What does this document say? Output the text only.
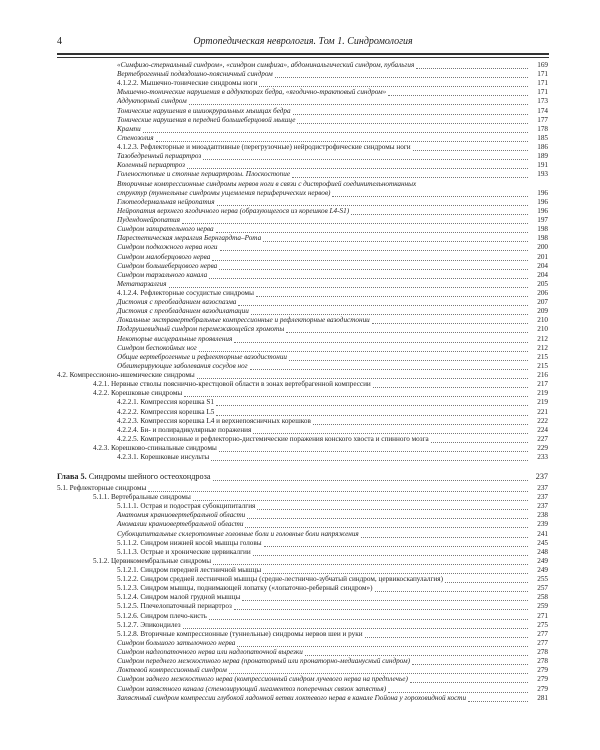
4	Ортопедическая неврология. Том 1. Синдромология
«Симфизо-стернальный синдром», «синдром симфиза», абдоминальгический синдром, пубальгия	169
Вертеброгенный подвздошно-поясничный синдром	171
4.1.2.2. Мышечно-тонические синдромы ноги	171
Мышечно-тонические нарушения в аддукторах бедра, «ягодично-трактовый синдром»	171
Аддукторный синдром	173
Тонические нарушения в ишиокруральных мышцах бедра	174
Тонические нарушения в передней большеберцовой мышце	177
Крампи	178
Стенозолия	185
4.1.2.3. Рефлекторные и миоадаптивные (перегрузочные) нейродистрофические синдромы ноги	186
Тазобедренный периартроз	189
Коленный периартроз	191
Голеностопные и стопные периартрозы. Плоскостопие	193
Вторичные компрессионные синдромы нервов ноги в связи с дистрофией соединительнотканных
структур (туннельные синдромы ущемления периферических нервов)	196
Глютеодермальная нейропатия	196
Нейропатия верхнего ягодичного нерва (образующегося из корешков L4-S1)	196
Пудендонейропатия	197
Синдром запирательного нерва	198
Парестетическая мералгия Бернгардта–Рота	198
Синдром подкожного нерва ноги	200
Синдром малоберцового нерва	201
Синдром большеберцового нерва	204
Синдром тарзального канала	204
Метатарзалгия	205
4.1.2.4. Рефлекторные сосудистые синдромы	206
Дистония с преобладанием вазоспазма	207
Дистония с преобладанием вазодилатации	209
Локальные экстравертебральные компрессионные и рефлекторные вазодистонии	210
Подгрушевидный синдром перемежающейся хромоты	210
Некоторые висцеральные проявления	212
Синдром беспокойных ног	212
Общие вертеброгенные и рефлекторные вазодистонии	215
Облитерирующие заболевания сосудов ног	215
4.2. Компрессионно-ишемические синдромы	216
4.2.1. Нервные стволы пояснично-крестцовой области в зонах вертебрагенной компрессии	217
4.2.2. Корешковые синдромы	219
4.2.2.1. Компрессия корешка S1	219
4.2.2.2. Компрессия корешка L5	221
4.2.2.3. Компрессия корешка L4 и верхнепоясничных корешков	222
4.2.2.4. Би- и полирадикулярные поражения	224
4.2.2.5. Компрессионные и рефлекторно-дисгемические поражения конского хвоста и спинного мозга	227
4.2.3. Корешково-спинальные синдромы	229
4.2.3.1. Корешковые инсульты	233
Глава 5. Синдромы шейного остеохондроза	237
5.1. Рефлекторные синдромы	237
5.1.1. Вертебральные синдромы	237
5.1.1.1. Острая и подострая субокципиталгия	237
Анатомия краниовертебральной области	238
Аномалии краниовертебральной области	239
Субокципитальные склеротомные головные боли и головные боли напряжения	241
5.1.1.2. Синдром нижней косой мышцы головы	245
5.1.1.3. Острые и хронические цервикалгии	248
5.1.2. Цервикомембральные синдромы	249
5.1.2.1. Синдром передней лестничной мышцы	249
5.1.2.2. Синдром средней лестничной мышцы (средне-лестнично-зубчатый синдром, цервикоскапулалгия)	255
5.1.2.3. Синдром мышцы, поднимающей лопатку («лопаточно-реберный синдром»)	257
5.1.2.4. Синдром малой грудной мышцы	258
5.1.2.5. Плечелопаточный периартроз	259
5.1.2.6. Синдром плечо-кисть	271
5.1.2.7. Эпикондилез	275
5.1.2.8. Вторичные компрессионные (туннельные) синдромы нервов шеи и руки	277
Синдром большого затылочного нерва	277
Синдром надлопаточного нерва или надлопаточной вырезки	278
Синдром переднего межкостного нерва (пронаторный или пронаторно-медианусный синдром)	278
Локтевой компрессионный синдром	279
Синдром заднего межкостного нерва (компрессионный синдром лучевого нерва на предплечье)	279
Синдром запястного канала (стенозирующий лигаментоз поперечных связок запястья)	279
Запястный синдром компрессии глубокой ладонной ветви локтевого нерва в канале Гюйона у гороховидной кости	281
